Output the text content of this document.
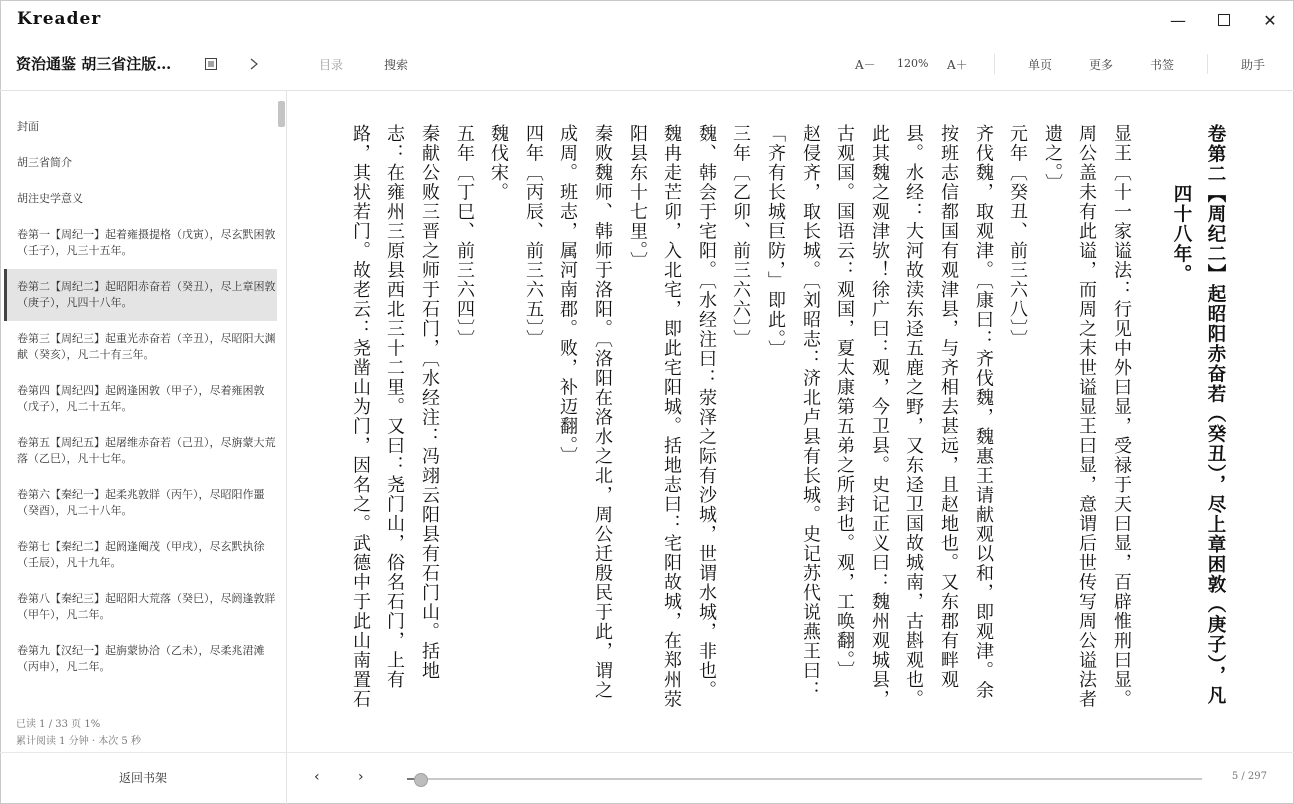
Kreader	—	✕
资治通鉴 胡三省注版…	目录	搜索	A－ 120% A＋	单页	更多	书签	助手
封面
胡三省简介
胡注史学意义
卷第一【周纪一】起着雍摄提格（戊寅），尽玄黓困敦（壬子），凡三十五年。
卷第二【周纪二】起昭阳赤奋若（癸丑），尽上章困敦（庚子），凡四十八年。
卷第三【周纪三】起重光赤奋若（辛丑），尽昭阳大渊献（癸亥），凡二十有三年。
卷第四【周纪四】起阏逢困敦（甲子），尽着雍困敦（戊子），凡二十五年。
卷第五【周纪五】起屠维赤奋若（己丑），尽旃蒙大荒落（乙巳），凡十七年。
卷第六【秦纪一】起柔兆敦牂（丙午），尽昭阳作噩（癸酉），凡二十八年。
卷第七【秦纪二】起阏逢阉茂（甲戌），尽玄黓执徐（壬辰），凡十九年。
卷第八【秦纪三】起昭阳大荒落（癸巳），尽阏逢敦牂（甲午），凡二年。
卷第九【汉纪一】起旃蒙协洽（乙未），尽柔兆涒滩（丙申），凡二年。
已读 1 / 33 页 1%
累计阅读 1 分钟 · 本次 5 秒
返回书架
卷第二【周纪二】起昭阳赤奋若（癸丑），尽上章困敦（庚子），凡
四十八年。
显王〔十一家谥法：行见中外曰显，受禄于天曰显，百辟惟刑曰显。
周公盖未有此谥，而周之末世谥显王曰显，意谓后世传写周公谥法者
遗之。〕
元年〔癸丑、前三六八〕〕
齐伐魏，取观津。〔康曰：齐伐魏，魏惠王请献观以和，即观津。余
按班志信都国有观津县，与齐相去甚远，且赵地也。又东郡有畔观
县。水经：大河故渎东迳五鹿之野，又东迳卫国故城南，古斟观也。
此其魏之观津欤！徐广曰：观，今卫县。史记正义曰：魏州观城县，
古观国。国语云：观国，夏太康第五弟之所封也。观，工唤翻。〕
赵侵齐，取长城。〔刘昭志：济北卢县有长城。史记苏代说燕王曰：
「齐有长城巨防，」即此。〕
三年〔乙卯、前三六六〕〕
魏、韩会于宅阳。〔水经注曰：荥泽之际有沙城，世谓水城，非也。
魏冉走芒卯，入北宅，即此宅阳城。括地志曰：宅阳故城，在郑州荥
阳县东十七里。〕
秦败魏师、韩师于洛阳。〔洛阳在洛水之北，周公迁殷民于此，谓之
成周。班志，属河南郡。败，补迈翻。〕
四年〔丙辰、前三六五〕〕
魏伐宋。
五年〔丁巳、前三六四〕〕
秦献公败三晋之师于石门，〔水经注：冯翊云阳县有石门山。括地
志：在雍州三原县西北三十二里。又曰：尧门山，俗名石门，上有
路，其状若门。故老云：尧凿山为门，因名之。武德中于此山南置石
‹	›	5 / 297
